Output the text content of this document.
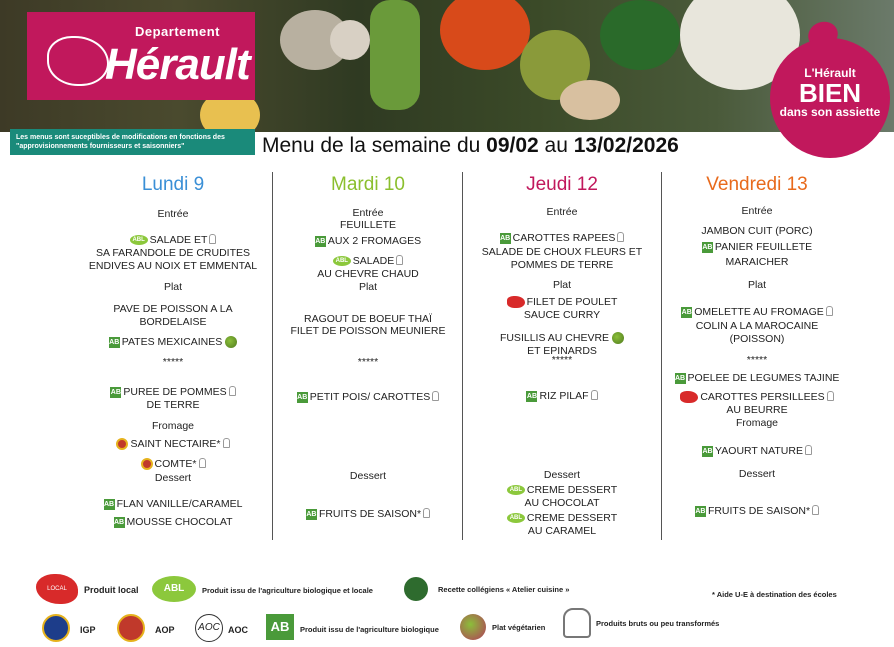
Departement
Hérault
Les menus sont suceptibles de modifications en fonctions des "approvisionnements fournisseurs et saisonniers"
L'Hérault
BIEN
dans son assiette
Menu de la semaine du 09/02 au 13/02/2026
Lundi 9
Entrée
ABL SALADE ET
SA FARANDOLE DE CRUDITES
ENDIVES AU NOIX ET EMMENTAL
Plat
PAVE DE POISSON A LA
BORDELAISE
AB PATES MEXICAINES
*****
AB PUREE DE POMMES
DE TERRE
Fromage
SAINT NECTAIRE*
COMTE*
Dessert
AB FLAN VANILLE/CARAMEL
AB MOUSSE CHOCOLAT
Mardi 10
Entrée
FEUILLETE
AB AUX 2 FROMAGES
ABL SALADE
AU CHEVRE CHAUD
Plat
RAGOUT DE BOEUF THAÏ
FILET DE POISSON MEUNIERE
*****
AB PETIT POIS/ CAROTTES
Dessert
AB FRUITS DE SAISON*
Jeudi 12
Entrée
AB CAROTTES RAPEES
SALADE DE CHOUX FLEURS ET
POMMES DE TERRE
Plat
FILET DE POULET
SAUCE CURRY
FUSILLIS AU CHEVRE
ET EPINARDS
*****
AB RIZ PILAF
Dessert
ABL CREME DESSERT
AU CHOCOLAT
ABL CREME DESSERT
AU CARAMEL
Vendredi 13
Entrée
JAMBON CUIT (PORC)
AB PANIER FEUILLETE
MARAICHER
Plat
AB OMELETTE AU FROMAGE
COLIN A LA MAROCAINE
(POISSON)
*****
AB POELEE DE LEGUMES TAJINE
CAROTTES PERSILLEES
AU BEURRE
Fromage
AB YAOURT NATURE
Dessert
AB FRUITS DE SAISON*
LOCAL	Produit local	ABL	Produit issu de l'agriculture biologique et locale	Recette collégiens « Atelier cuisine »
* Aide U-E à destination des écoles
IGP	AOP	AOC AOC	AB	Produit issu de l'agriculture biologique	Plat végétarien	Produits bruts ou peu transformés
